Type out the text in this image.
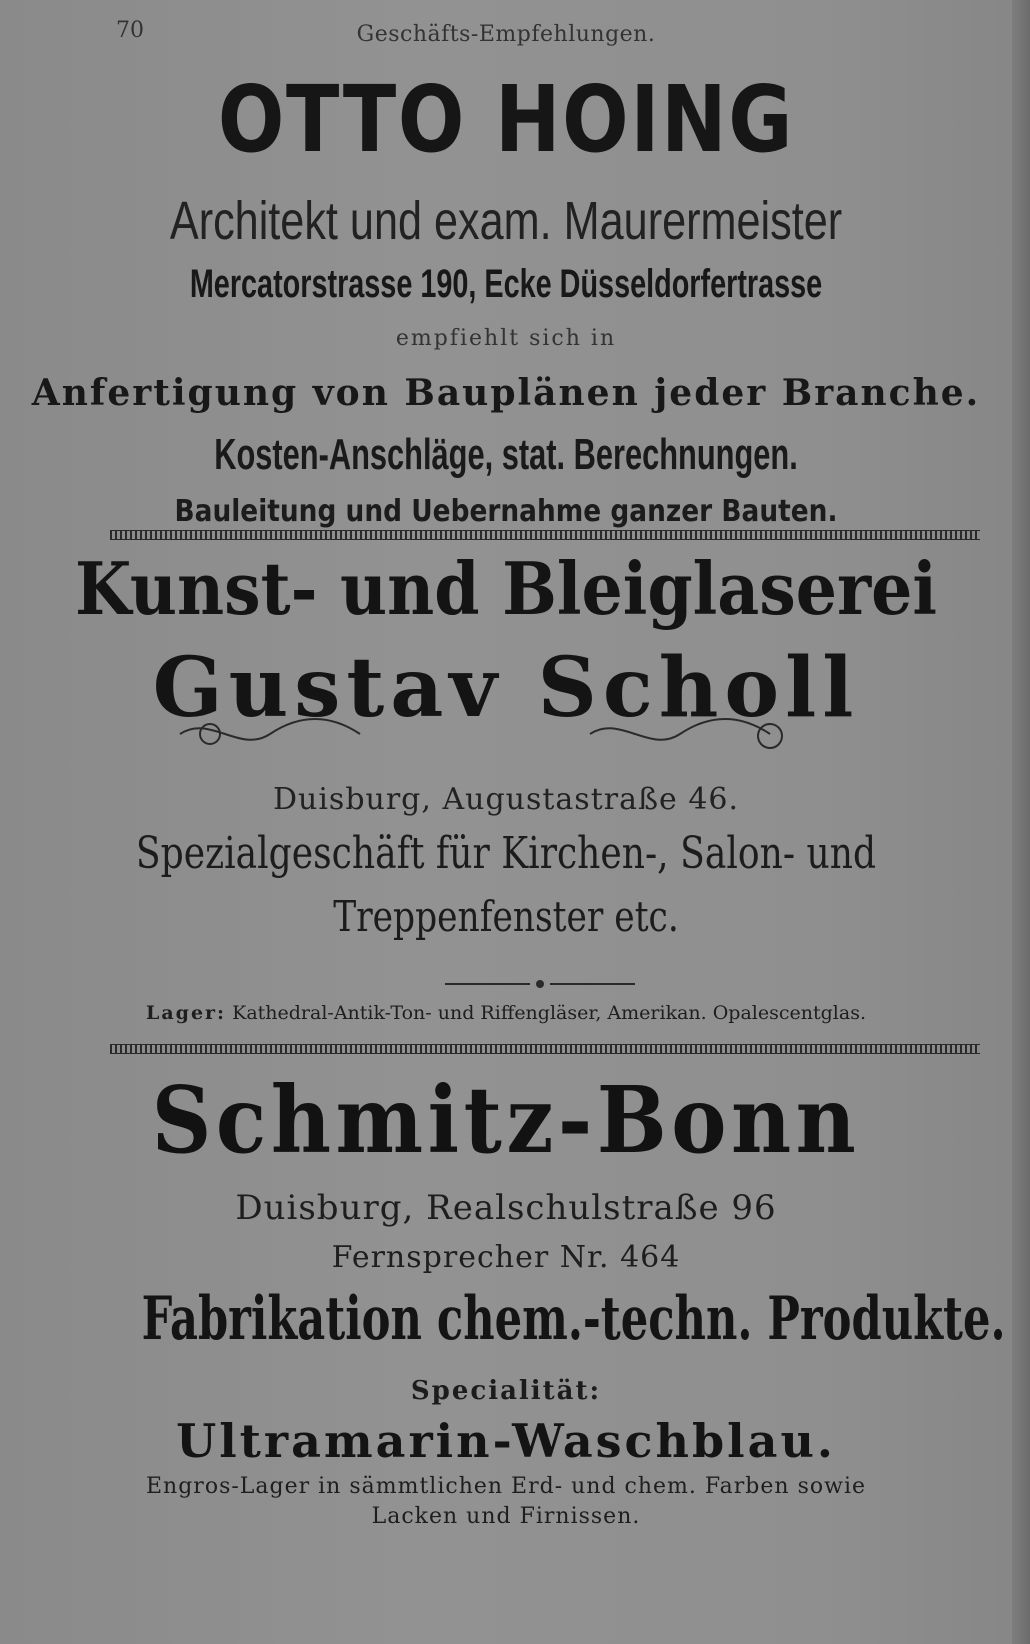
70	Geschäfts-Empfehlungen.
OTTO HOING
Architekt und exam. Maurermeister
Mercatorstrasse 190, Ecke Düsseldorfertrasse
empfiehlt sich in
Anfertigung von Bauplänen jeder Branche.
Kosten-Anschläge, stat. Berechnungen.
Bauleitung und Uebernahme ganzer Bauten.
Kunst- und Bleiglaserei
Gustav Scholl
Duisburg, Augustastraße 46.
Spezialgeschäft für Kirchen-, Salon- und
Treppenfenster etc.
Lager: Kathedral-Antik-Ton- und Riffengläser, Amerikan. Opalescentglas.
Schmitz-Bonn
Duisburg, Realschulstraße 96
Fernsprecher Nr. 464
Fabrikation chem.-techn. Produkte.
Specialität:
Ultramarin-Waschblau.
Engros-Lager in sämmtlichen Erd- und chem. Farben sowie
Lacken und Firnissen.
